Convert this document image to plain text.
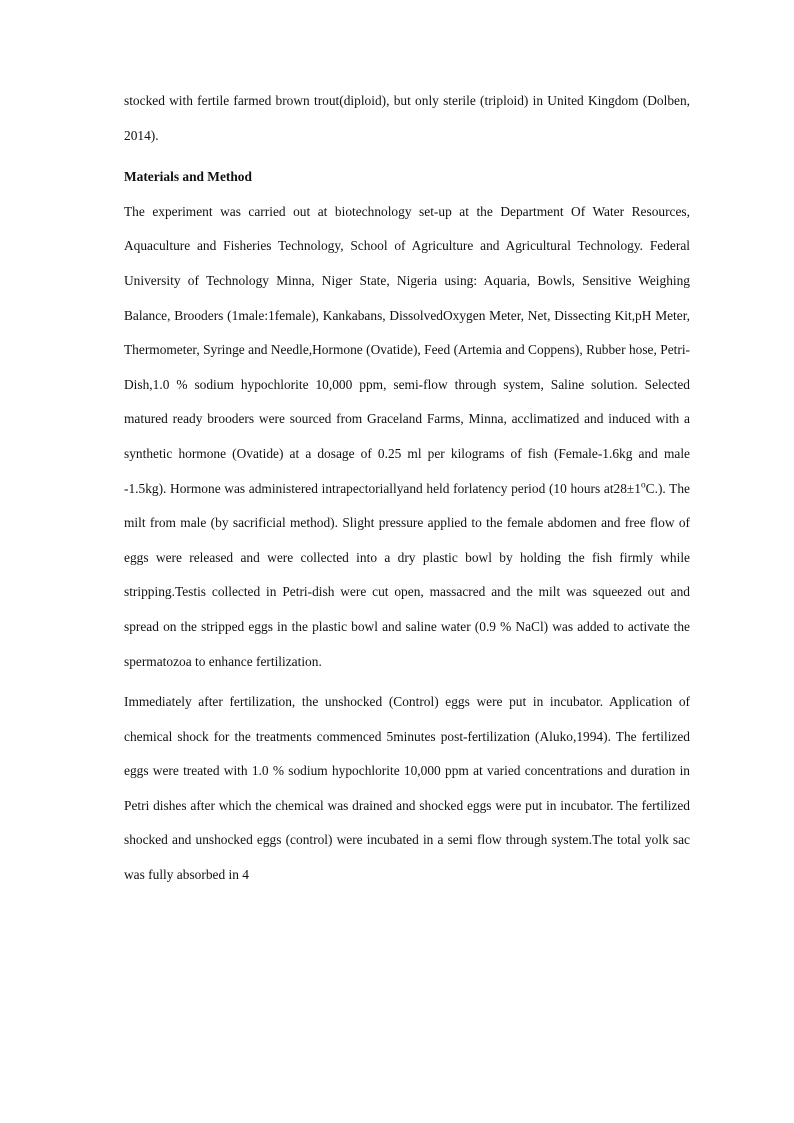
stocked with fertile farmed brown trout(diploid), but only sterile (triploid) in United Kingdom (Dolben, 2014).

Materials and Method

The experiment was carried out at biotechnology set-up at the Department Of Water Resources, Aquaculture and Fisheries Technology, School of Agriculture and Agricultural Technology. Federal University of Technology Minna, Niger State, Nigeria using: Aquaria, Bowls, Sensitive Weighing Balance, Brooders (1male:1female), Kankabans, DissolvedOxygen Meter, Net, Dissecting Kit,pH Meter, Thermometer, Syringe and Needle,Hormone (Ovatide), Feed (Artemia and Coppens), Rubber hose, Petri-Dish,1.0 % sodium hypochlorite 10,000 ppm, semi-flow through system, Saline solution. Selected matured ready brooders were sourced from Graceland Farms, Minna, acclimatized and induced with a synthetic hormone (Ovatide) at a dosage of 0.25 ml per kilograms of fish (Female-1.6kg and male -1.5kg). Hormone was administered intrapectoriallyand held forlatency period (10 hours $at28\pm 1^oC$.). The milt from male (by sacrificial method). Slight pressure applied to the female abdomen and free flow of eggs were released and were collected into a dry plastic bowl by holding the fish firmly while stripping.Testis collected in Petri-dish were cut open, massacred and the milt was squeezed out and spread on the stripped eggs in the plastic bowl and saline water (0.9 % NaCl) was added to activate the spermatozoa to enhance fertilization.

Immediately after fertilization, the unshocked (Control) eggs were put in incubator. Application of chemical shock for the treatments commenced 5minutes post-fertilization (Aluko,1994). The fertilized eggs were treated with 1.0 % sodium hypochlorite 10,000 ppm at varied concentrations and duration in Petri dishes after which the chemical was drained and shocked eggs were put in incubator. The fertilized shocked and unshocked eggs (control) were incubated in a semi flow through system.The total yolk sac was fully absorbed in 4
